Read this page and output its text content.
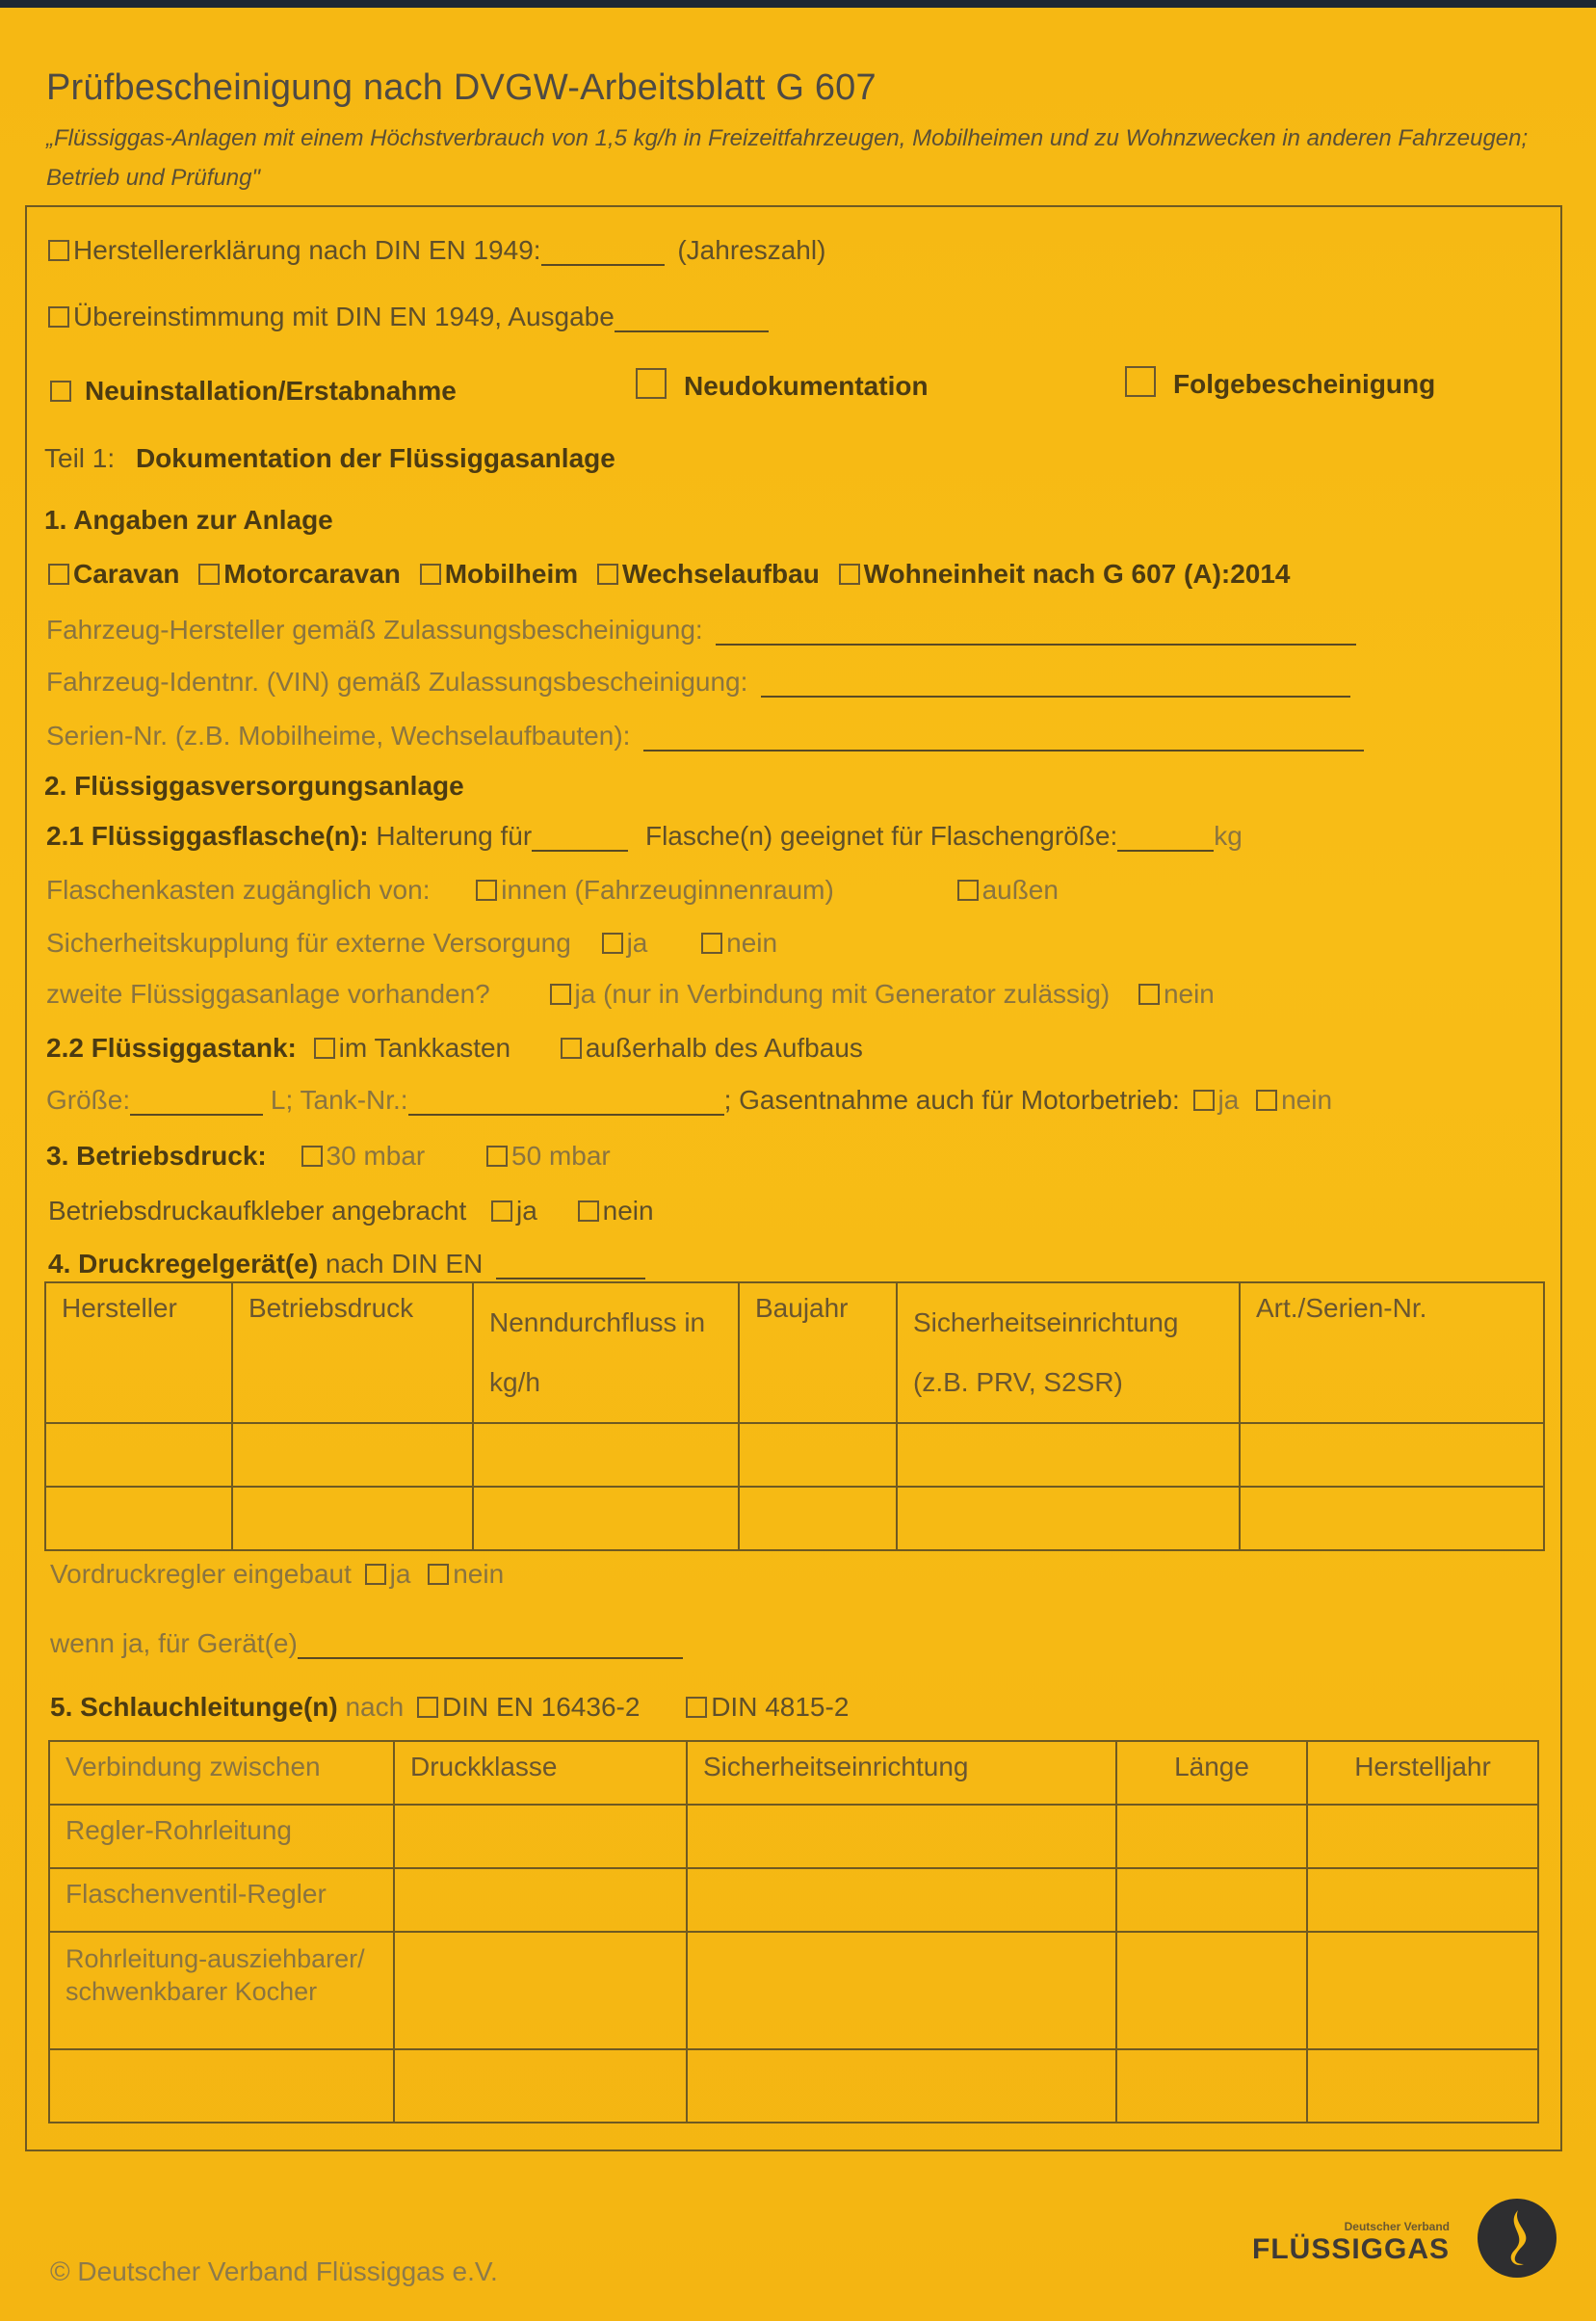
Prüfbescheinigung nach DVGW-Arbeitsblatt G 607
„Flüssiggas-Anlagen mit einem Höchstverbrauch von 1,5 kg/h in Freizeitfahrzeugen, Mobilheimen und zu Wohnzwecken in anderen Fahrzeugen; Betrieb und Prüfung"
Herstellererklärung nach DIN EN 1949:	(Jahreszahl)
Übereinstimmung mit DIN EN 1949, Ausgabe
Neuinstallation/Erstabnahme	Neudokumentation	Folgebescheinigung
Teil 1: Dokumentation der Flüssiggasanlage
1. Angaben zur Anlage
Caravan Motorcaravan Mobilheim Wechselaufbau Wohneinheit nach G 607 (A):2014
Fahrzeug-Hersteller gemäß Zulassungsbescheinigung:
Fahrzeug-Identnr. (VIN) gemäß Zulassungsbescheinigung:
Serien-Nr. (z.B. Mobilheime, Wechselaufbauten):
2. Flüssiggasversorgungsanlage
2.1 Flüssiggasflasche(n): Halterung für	Flasche(n) geeignet für Flaschengröße:	kg
Flaschenkasten zugänglich von:	innen (Fahrzeuginnenraum)	außen
Sicherheitskupplung für externe Versorgung ja	nein
zweite Flüssiggasanlage vorhanden?	ja (nur in Verbindung mit Generator zulässig) nein
2.2 Flüssiggastank: im Tankkasten	außerhalb des Aufbaus
Größe:	L; Tank-Nr.:	; Gasentnahme auch für Motorbetrieb: ja nein
3. Betriebsdruck: 30 mbar	50 mbar
Betriebsdruckaufkleber angebracht ja nein
4. Druckregelgerät(e) nach DIN EN
Hersteller	Betriebsdruck	Nenndurchfluss in kg/h	Baujahr	Sicherheitseinrichtung (z.B. PRV, S2SR)	Art./Serien-Nr.

Vordruckregler eingebaut ja nein
wenn ja, für Gerät(e)
5. Schlauchleitunge(n) nach DIN EN 16436-2	DIN 4815-2
Verbindung zwischen	Druckklasse	Sicherheitseinrichtung	Länge	Herstelljahr
Regler-Rohrleitung				
Flaschenventil-Regler				
Rohrleitung-ausziehbarer/ schwenkbarer Kocher				

© Deutscher Verband Flüssiggas e.V.
Deutscher Verband
FLÜSSIGGAS
